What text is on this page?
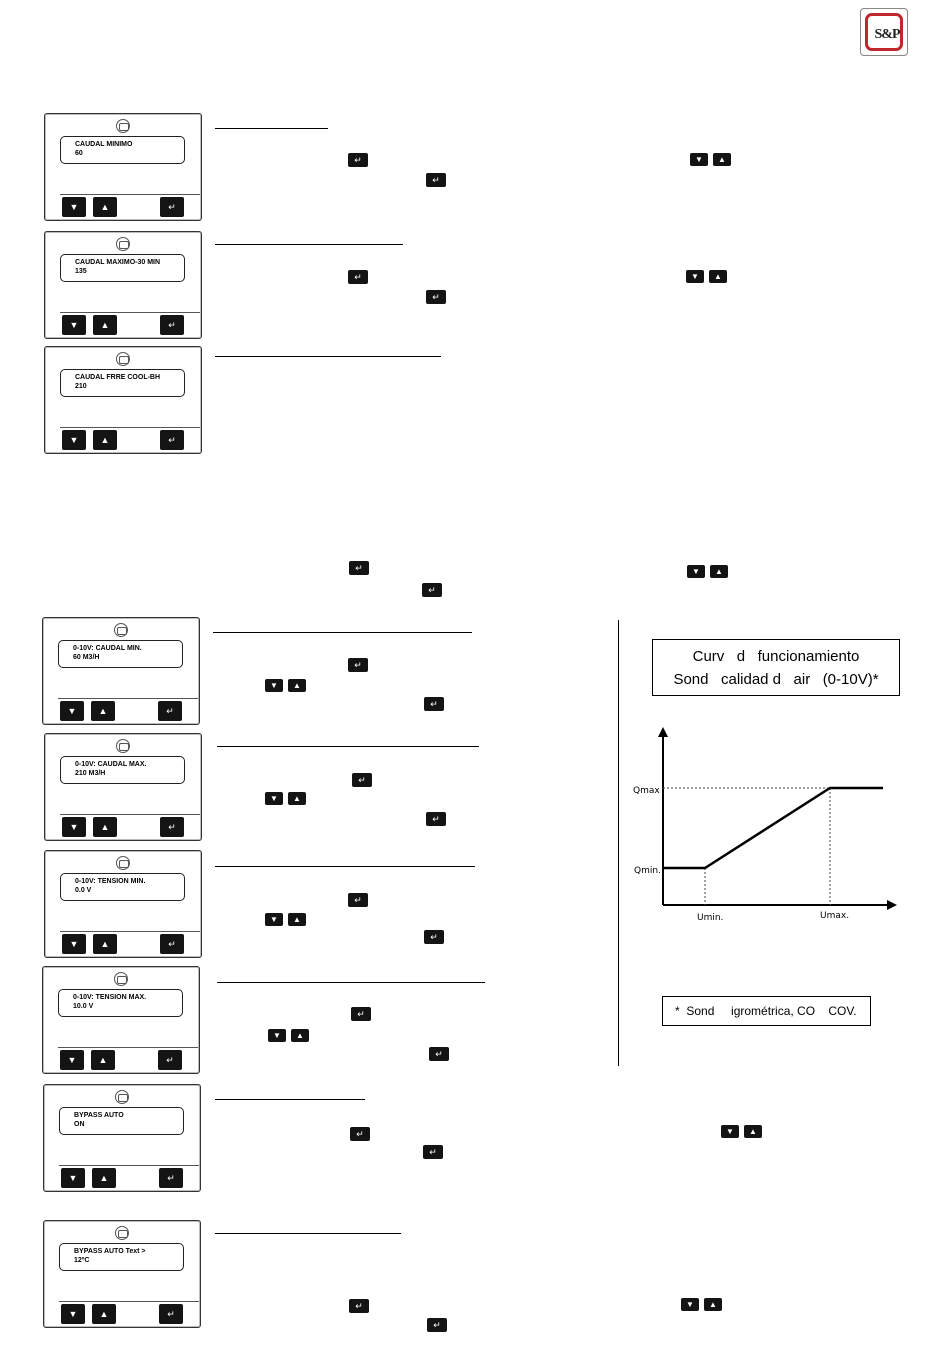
S&P
CAUDAL MINIMO
60
▼	▲	↵
CAUDAL MAXIMO-30 MIN
135
▼	▲	↵
CAUDAL FRRE COOL-BH
210
▼	▲	↵
0-10V: CAUDAL MIN.
60 M3/H
▼	▲	↵
0-10V: CAUDAL MAX.
210 M3/H
▼	▲	↵
0-10V: TENSION MIN.
0.0 V
▼	▲	↵
0-10V: TENSION MAX.
10.0 V
▼	▲	↵
BYPASS AUTO
ON
▼	▲	↵
BYPASS AUTO Text >
12ºC
▼	▲	↵
↵	▼	▲
↵
↵	▼	▲
↵
↵	▼	▲
↵
↵
▼	▲
↵
↵
▼	▲
↵
↵
▼	▲
↵
↵
▼	▲
↵
↵	▼	▲
↵
↵	▼	▲
↵
Curv   d   funcionamiento
Sond   calidad d   air   (0-10V)*
Qmax
Qmin.
Umin.	Umax.
*  Sond     igrométrica, CO    COV.
